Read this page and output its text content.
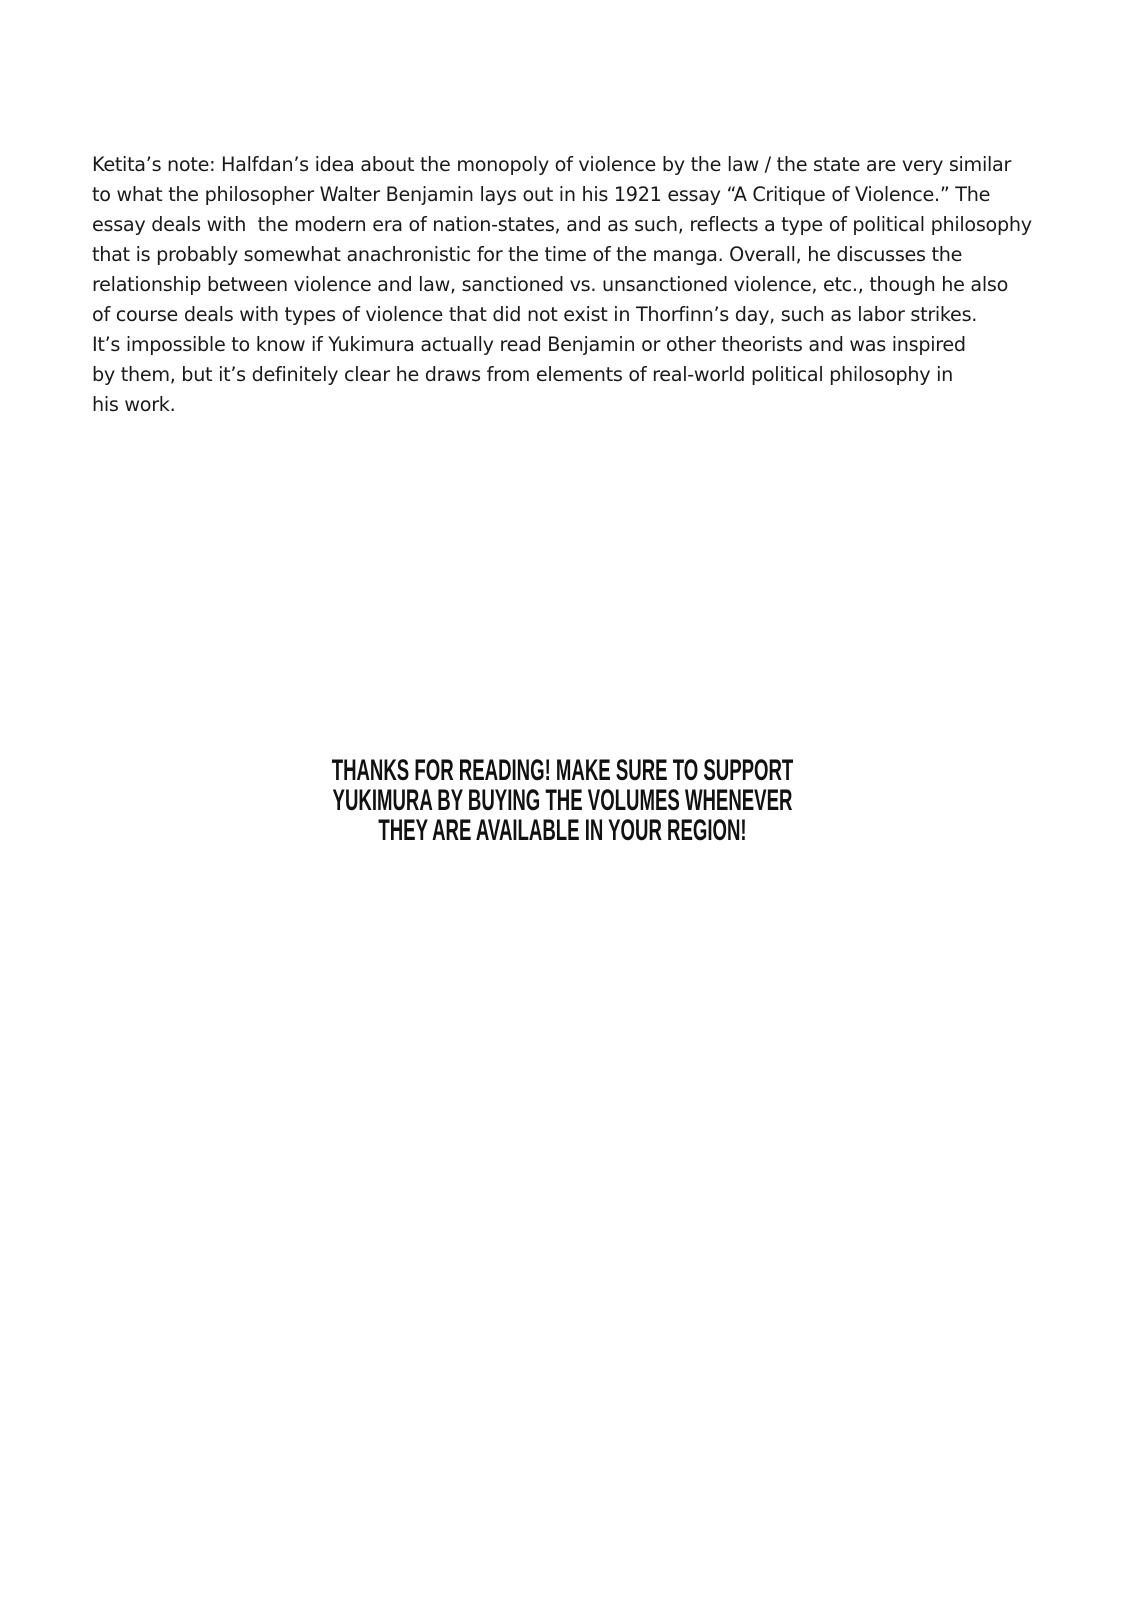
Ketita’s note: Halfdan’s idea about the monopoly of violence by the law / the state are very similar
to what the philosopher Walter Benjamin lays out in his 1921 essay “A Critique of Violence.” The
essay deals with  the modern era of nation-states, and as such, reflects a type of political philosophy
that is probably somewhat anachronistic for the time of the manga. Overall, he discusses the
relationship between violence and law, sanctioned vs. unsanctioned violence, etc., though he also
of course deals with types of violence that did not exist in Thorfinn’s day, such as labor strikes.
It’s impossible to know if Yukimura actually read Benjamin or other theorists and was inspired
by them, but it’s definitely clear he draws from elements of real-world political philosophy in
his work.

THANKS FOR READING! MAKE SURE TO SUPPORT
YUKIMURA BY BUYING THE VOLUMES WHENEVER
THEY ARE AVAILABLE IN YOUR REGION!
